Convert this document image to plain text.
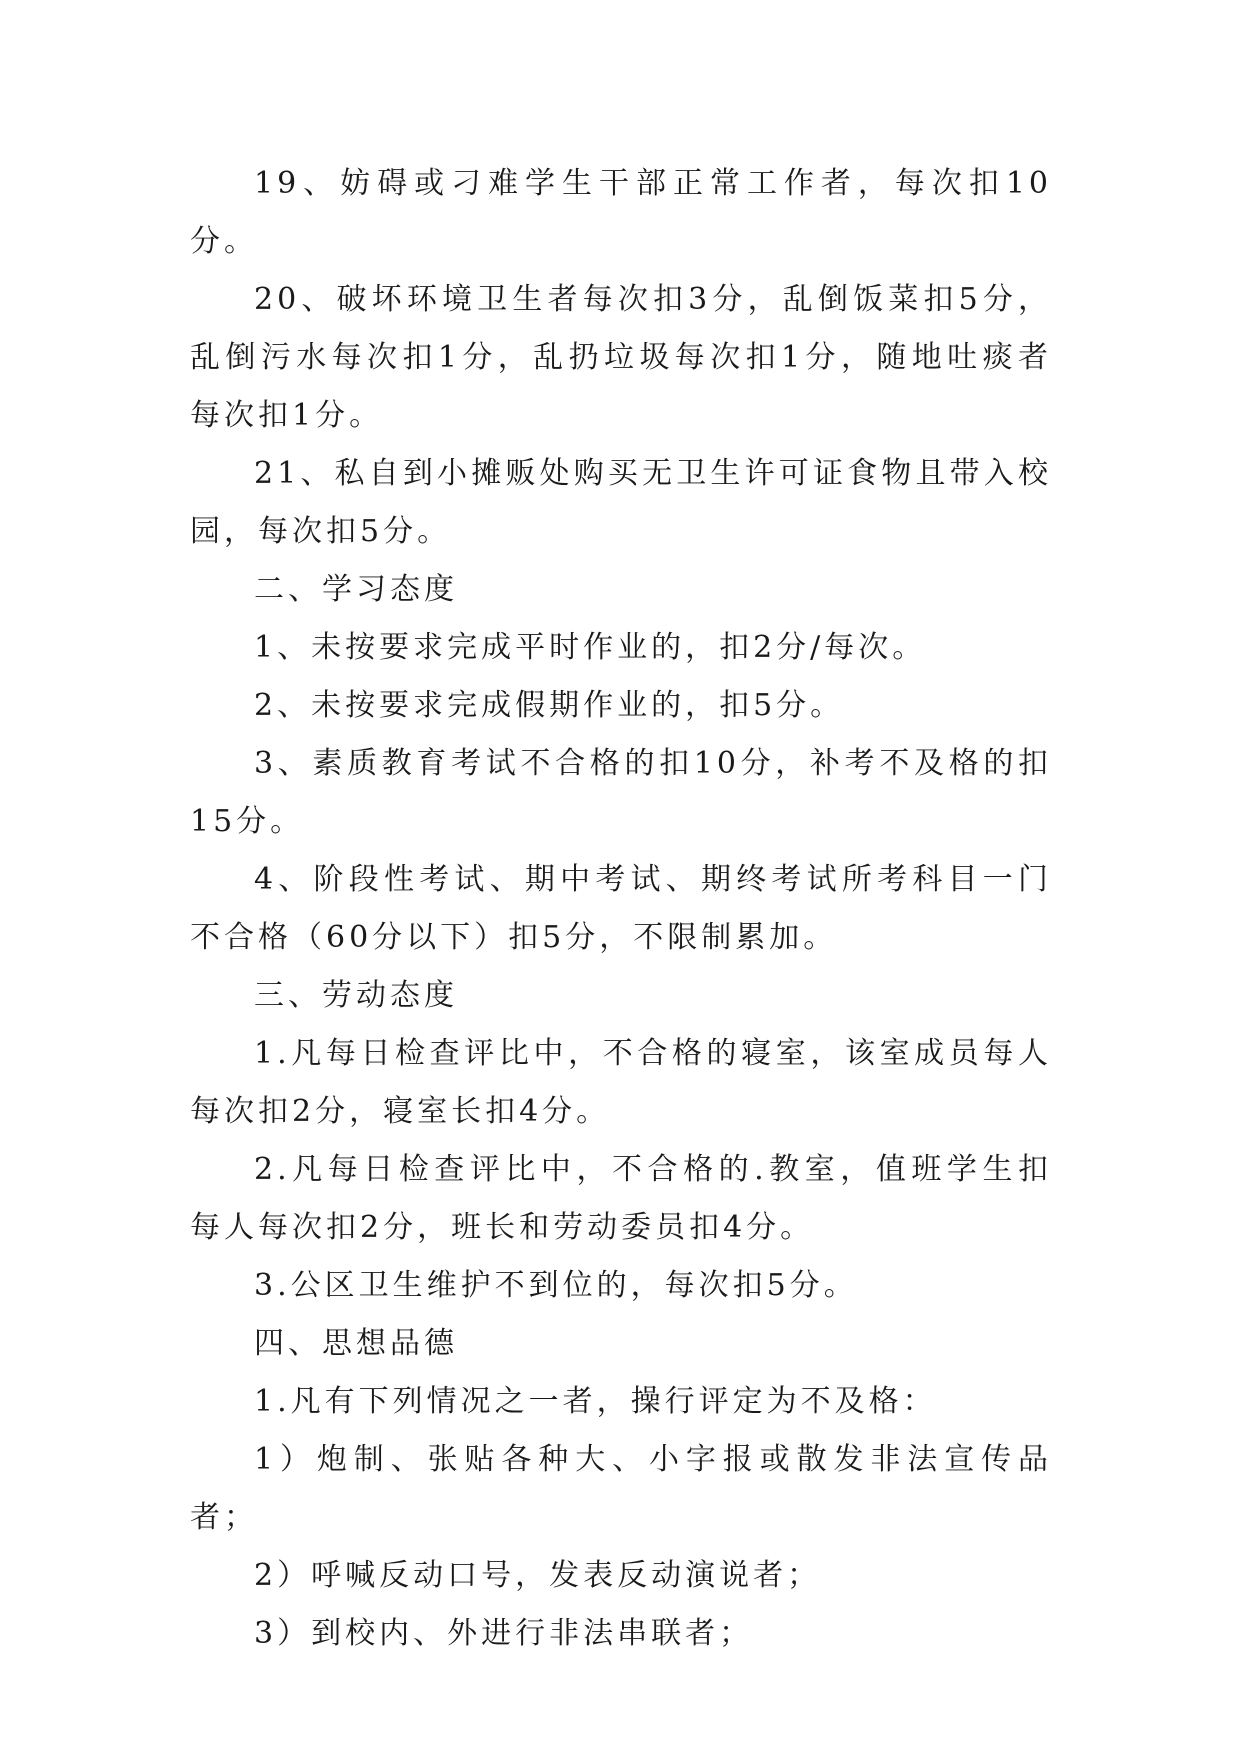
19、妨碍或刁难学生干部正常工作者，每次扣10分。

20、破坏环境卫生者每次扣3分，乱倒饭菜扣5分，乱倒污水每次扣1分，乱扔垃圾每次扣1分，随地吐痰者每次扣1分。

21、私自到小摊贩处购买无卫生许可证食物且带入校园，每次扣5分。

二、学习态度

1、未按要求完成平时作业的，扣2分/每次。

2、未按要求完成假期作业的，扣5分。

3、素质教育考试不合格的扣10分，补考不及格的扣15分。

4、阶段性考试、期中考试、期终考试所考科目一门不合格（60分以下）扣5分，不限制累加。

三、劳动态度

1.凡每日检查评比中，不合格的寝室，该室成员每人每次扣2分，寝室长扣4分。

2.凡每日检查评比中，不合格的.教室，值班学生扣每人每次扣2分，班长和劳动委员扣4分。

3.公区卫生维护不到位的，每次扣5分。

四、思想品德

1.凡有下列情况之一者，操行评定为不及格：

1）炮制、张贴各种大、小字报或散发非法宣传品者；

2）呼喊反动口号，发表反动演说者；

3）到校内、外进行非法串联者；
